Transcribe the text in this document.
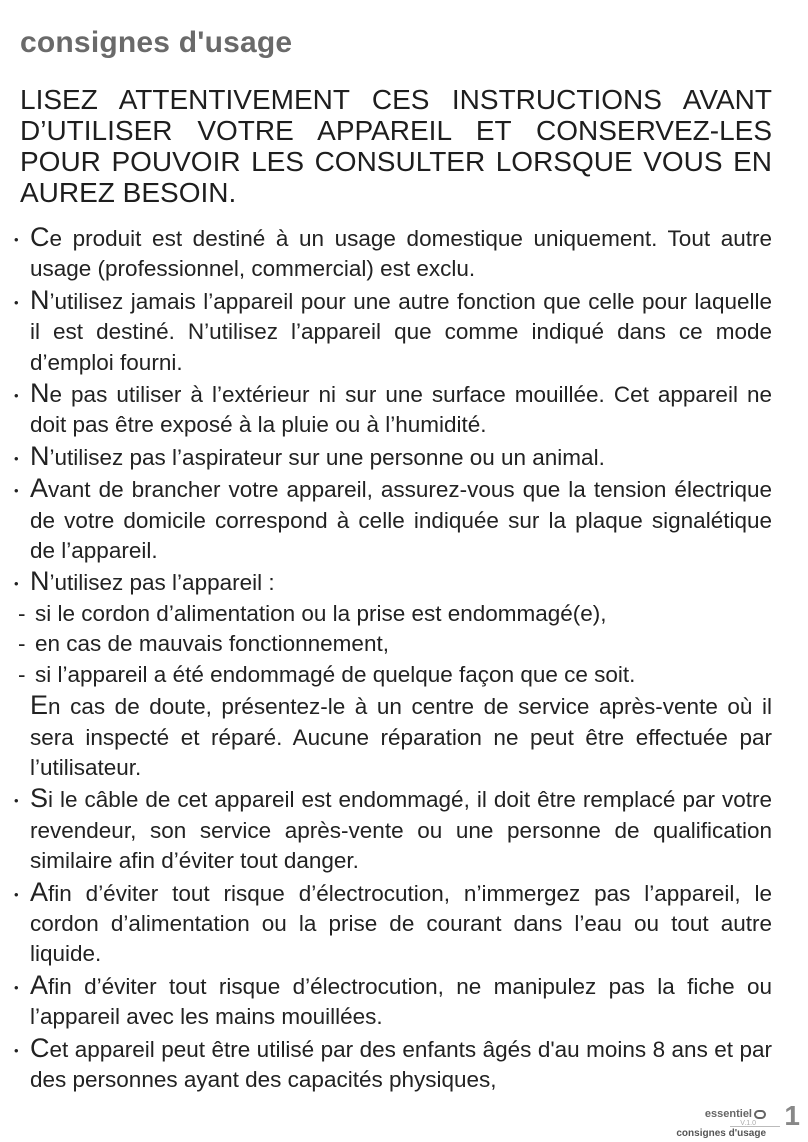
consignes d'usage

LISEZ ATTENTIVEMENT CES INSTRUCTIONS AVANT D’UTILISER VOTRE APPAREIL ET CONSERVEZ-LES POUR POUVOIR LES CONSULTER LORSQUE VOUS EN AUREZ BESOIN.

• Ce produit est destiné à un usage domestique uniquement. Tout autre usage (professionnel, commercial) est exclu.
• N’utilisez jamais l’appareil pour une autre fonction que celle pour laquelle il est destiné. N’utilisez l’appareil que comme indiqué dans ce mode d’emploi fourni.
• Ne pas utiliser à l’extérieur ni sur une surface mouillée. Cet appareil ne doit pas être exposé à la pluie ou à l’humidité.
• N’utilisez pas l’aspirateur sur une personne ou un animal.
• Avant de brancher votre appareil, assurez-vous que la tension électrique de votre domicile correspond à celle indiquée sur la plaque signalétique de l’appareil.
• N’utilisez pas l’appareil :
- si le cordon d’alimentation ou la prise est endommagé(e),
- en cas de mauvais fonctionnement,
- si l’appareil a été endommagé de quelque façon que ce soit.
En cas de doute, présentez-le à un centre de service après-vente où il sera inspecté et réparé. Aucune réparation ne peut être effectuée par l’utilisateur.
• Si le câble de cet appareil est endommagé, il doit être remplacé par votre revendeur, son service après-vente ou une personne de qualification similaire afin d’éviter tout danger.
• Afin d’éviter tout risque d’électrocution, n’immergez pas l’appareil, le cordon d’alimentation ou la prise de courant dans l’eau ou tout autre liquide.
• Afin d’éviter tout risque d’électrocution, ne manipulez pas la fiche ou l’appareil avec les mains mouillées.
• Cet appareil peut être utilisé par des enfants âgés d'au moins 8 ans et par des personnes ayant des capacités physiques,
essentiel
V.1.0 1
consignes d'usage
